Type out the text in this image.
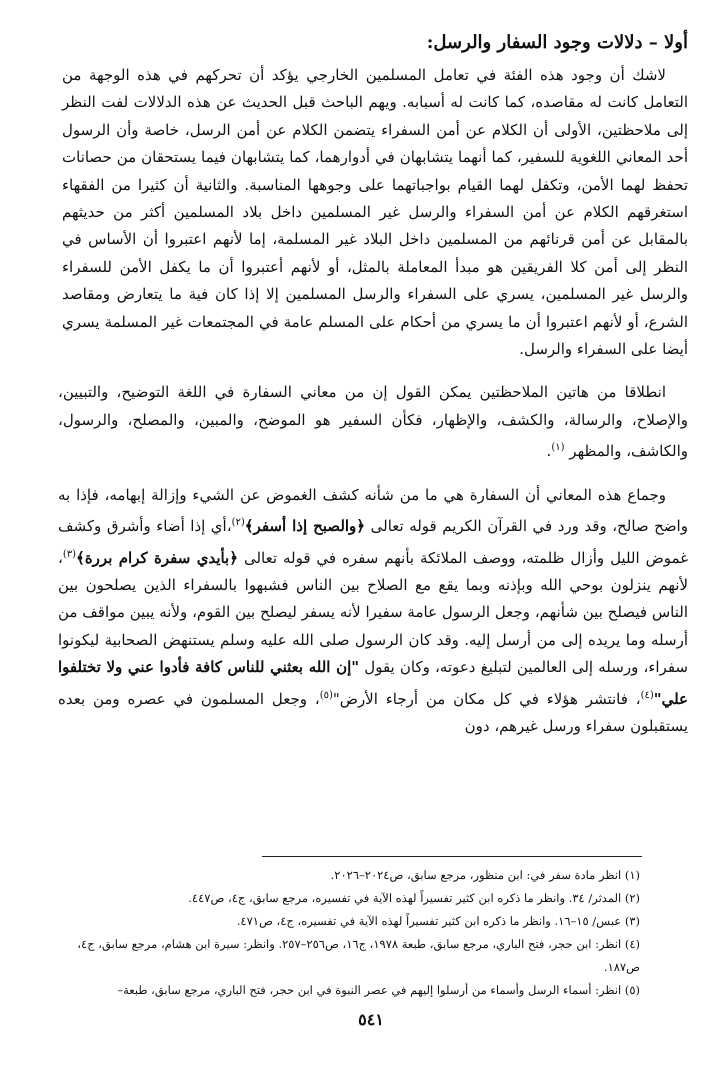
أولا – دلالات وجود السفار والرسل:

لاشك أن وجود هذه الفئة في تعامل المسلمين الخارجي يؤكد أن تحركهم في هذه الوجهة من التعامل كانت له مقاصده، كما كانت له أسبابه. ويهم الباحث قبل الحديث عن هذه الدلالات لفت النظر إلى ملاحظتين، الأولى أن الكلام عن أمن السفراء يتضمن الكلام عن أمن الرسل، خاصة وأن الرسول أحد المعاني اللغوية للسفير، كما أنهما يتشابهان في أدوارهما، كما يتشابهان فيما يستحقان من حصانات تحفظ لهما الأمن، وتكفل لهما القيام بواجباتهما على وجوهها المناسبة. والثانية أن كثيرا من الفقهاء استغرقهم الكلام عن أمن السفراء والرسل غير المسلمين داخل بلاد المسلمين أكثر من حديثهم بالمقابل عن أمن قرنائهم من المسلمين داخل البلاد غير المسلمة، إما لأنهم اعتبروا أن الأساس في النظر إلى أمن كلا الفريقين هو مبدأ المعاملة بالمثل، أو لأنهم أعتبروا أن ما يكفل الأمن للسفراء والرسل غير المسلمين، يسري على السفراء والرسل المسلمين إلا إذا كان فية ما يتعارض ومقاصد الشرع، أو لأنهم اعتبروا أن ما يسري من أحكام على المسلم عامة في المجتمعات غير المسلمة يسري أيضا على السفراء والرسل.

انطلاقا من هاتين الملاحظتين يمكن القول إن من معاني السفارة في اللغة التوضيح، والتبيين، والإصلاح، والرسالة، والكشف، والإظهار، فكأن السفير هو الموضح، والمبين، والمصلح، والرسول، والكاشف، والمظهر $^{(١)}$.

وجماع هذه المعاني أن السفارة هي ما من شأنه كشف الغموض عن الشيء وإزالة إبهامه، فإذا به واضح صالح، وقد ورد في القرآن الكريم قوله تعالى ﴿والصبح إذا أسفر﴾$^{(٢)}$،أي إذا أضاء وأشرق وكشف غموض الليل وأزال ظلمته، ووصف الملائكة بأنهم سفره في قوله تعالى ﴿بأيدي سفرة كرام بررة﴾$^{(٣)}$، لأنهم ينزلون بوحي الله وبإذنه وبما يقع مع الصلاح بين الناس فشبهوا بالسفراء الذين يصلحون بين الناس فيصلح بين شأنهم، وجعل الرسول عامة سفيرا لأنه يسفر ليصلح بين القوم، ولأنه يبين مواقف من أرسله وما يريده إلى من أرسل إليه. وقد كان الرسول صلى الله عليه وسلم يستنهض الصحابية ليكونوا سفراء، ورسله إلى العالمين لتبليغ دعوته، وكان يقول "إن الله بعثني للناس كافة فأدوا عني ولا تختلفوا علي"$^{(٤)}$، فانتشر هؤلاء في كل مكان من أرجاء الأرض"$^{(٥)}$، وجعل المسلمون في عصره ومن بعده يستقبلون سفراء ورسل غيرهم، دون

(١) انظر مادة سفر في: ابن منظور، مرجع سابق، ص٢٠٢٤–٢٠٢٦.

(٢) المدثر/ ٣٤. وانظر ما ذكره ابن كثير تفسيراً لهذه الآية في تفسيره، مرجع سابق، ج٤، ص٤٤٧.

(٣) عبس/ ١٥–١٦. وانظر ما ذكره ابن كثير تفسيراً لهذه الآية في تفسيره، ج٤، ص٤٧١.

(٤) انظر: ابن حجر، فتح الباري، مرجع سابق، طبعة ١٩٧٨، ج١٦، ص٢٥٦–٢٥٧. وانظر: سيرة ابن هشام، مرجع سابق، ج٤، ص١٨٧.

(٥) انظر: أسماء الرسل وأسماء من أرسلوا إليهم في عصر النبوة في ابن حجر، فتح الباري، مرجع سابق، طبعة–

٥٤١
